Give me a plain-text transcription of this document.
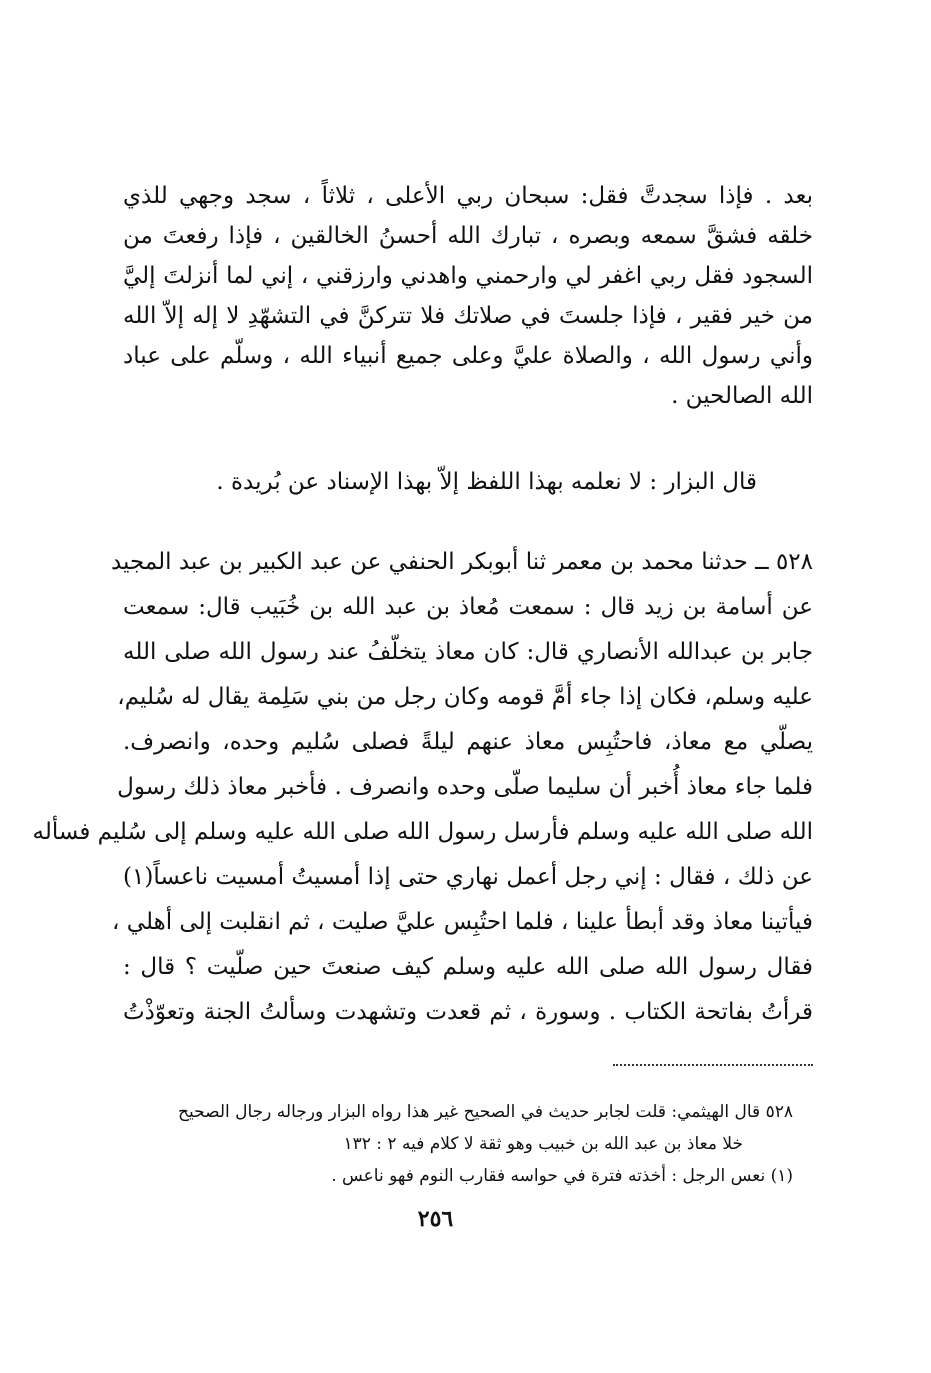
بعد . فإذا سجدتَّ فقل: سبحان ربي الأعلى ، ثلاثاً ، سجد وجهي للذي
خلقه فشقَّ سمعه وبصره ، تبارك الله أحسنُ الخالقين ، فإذا رفعتَ من
السجود فقل ربي اغفر لي وارحمني واهدني وارزقني ، إني لما أنزلتَ إليَّ
من خير فقير ، فإذا جلستَ في صلاتك فلا تتركنَّ في التشهّدِ لا إله إلاّ الله
وأني رسول الله ، والصلاة عليَّ وعلى جميع أنبياء الله ، وسلّم على عباد
الله الصالحين .
قال البزار : لا نعلمه بهذا اللفظ إلاّ بهذا الإسناد عن بُريدة .
٥٢٨ ــ حدثنا محمد بن معمر ثنا أبوبكر الحنفي عن عبد الكبير بن عبد المجيد
عن أسامة بن زيد قال : سمعت مُعاذ بن عبد الله بن خُبَيب قال: سمعت
جابر بن عبدالله الأنصاري قال: كان معاذ يتخلّفُ عند رسول الله صلى الله
عليه وسلم، فكان إذا جاء أمَّ قومه وكان رجل من بني سَلِمة يقال له سُليم،
يصلّي مع معاذ، فاحتُبِس معاذ عنهم ليلةً فصلى سُليم وحده، وانصرف.
فلما جاء معاذ أُخبر أن سليما صلّى وحده وانصرف . فأخبر معاذ ذلك رسول
الله صلى الله عليه وسلم فأرسل رسول الله صلى الله عليه وسلم إلى سُليم فسأله
عن ذلك ، فقال : إني رجل أعمل نهاري حتى إذا أمسيتُ أمسيت ناعساً(١)
فيأتينا معاذ وقد أبطأ علينا ، فلما احتُبِس عليَّ صليت ، ثم انقلبت إلى أهلي ،
فقال رسول الله صلى الله عليه وسلم كيف صنعتَ حين صلّيت ؟ قال :
قرأتُ بفاتحة الكتاب . وسورة ، ثم قعدت وتشهدت وسألتُ الجنة وتعوّذْتُ
٥٢٨ قال الهيثمي: قلت لجابر حديث في الصحيح غير هذا رواه البزار ورجاله رجال الصحيح
خلا معاذ بن عبد الله بن خبيب وهو ثقة لا كلام فيه ٢ : ١٣٢
(١) نعس الرجل : أخذته فترة في حواسه فقارب النوم فهو ناعس .
٢٥٦
